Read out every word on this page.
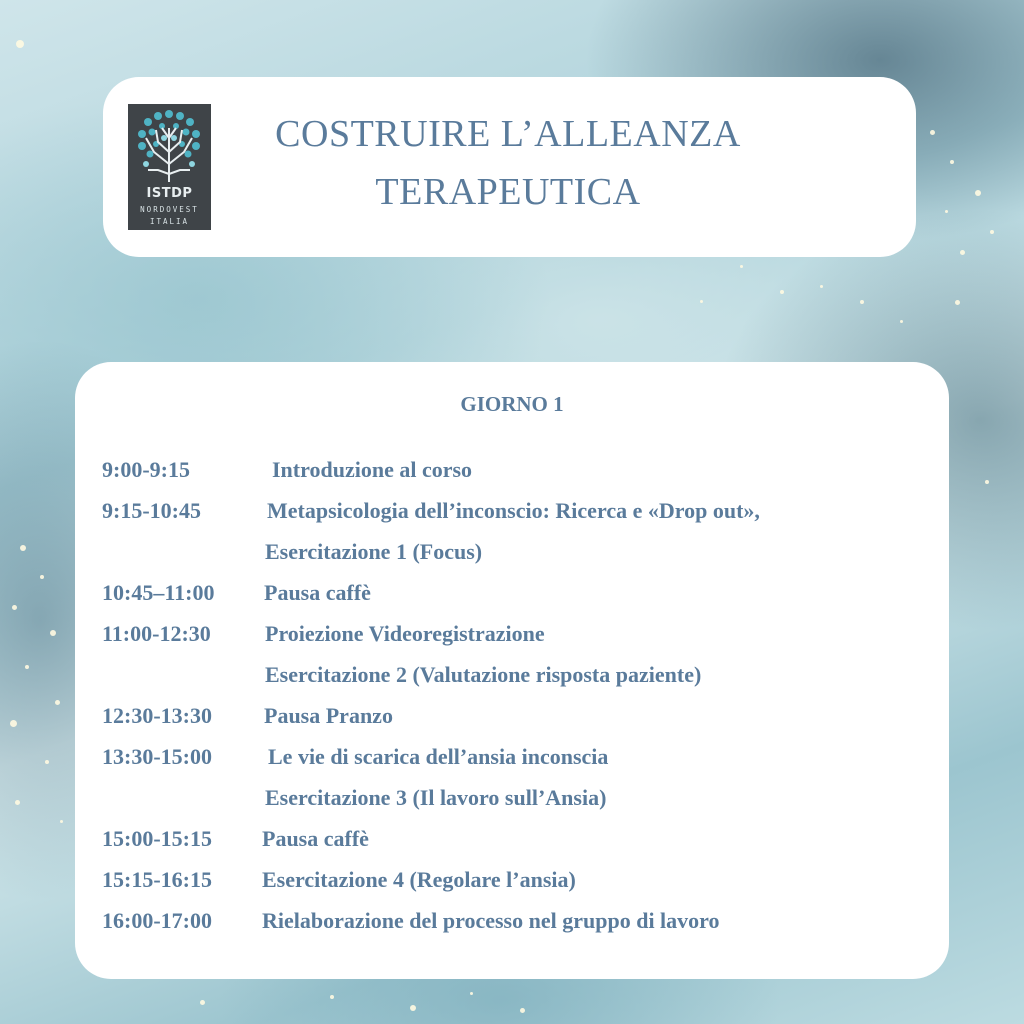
ISTDP
NORDOVEST
ITALIA
COSTRUIRE L’ALLEANZA
TERAPEUTICA
GIORNO 1
9:00-9:15	Introduzione al corso
9:15-10:45	Metapsicologia dell’inconscio: Ricerca e «Drop out»,
Esercitazione 1 (Focus)
10:45–11:00 Pausa caffè
11:00-12:30 Proiezione Videoregistrazione
Esercitazione 2 (Valutazione risposta paziente)
12:30-13:30 Pausa Pranzo
13:30-15:00	Le vie di scarica dell’ansia inconscia
Esercitazione 3 (Il lavoro sull’Ansia)
15:00-15:15 Pausa caffè
15:15-16:15 Esercitazione 4 (Regolare l’ansia)
16:00-17:00 Rielaborazione del processo nel gruppo di lavoro
